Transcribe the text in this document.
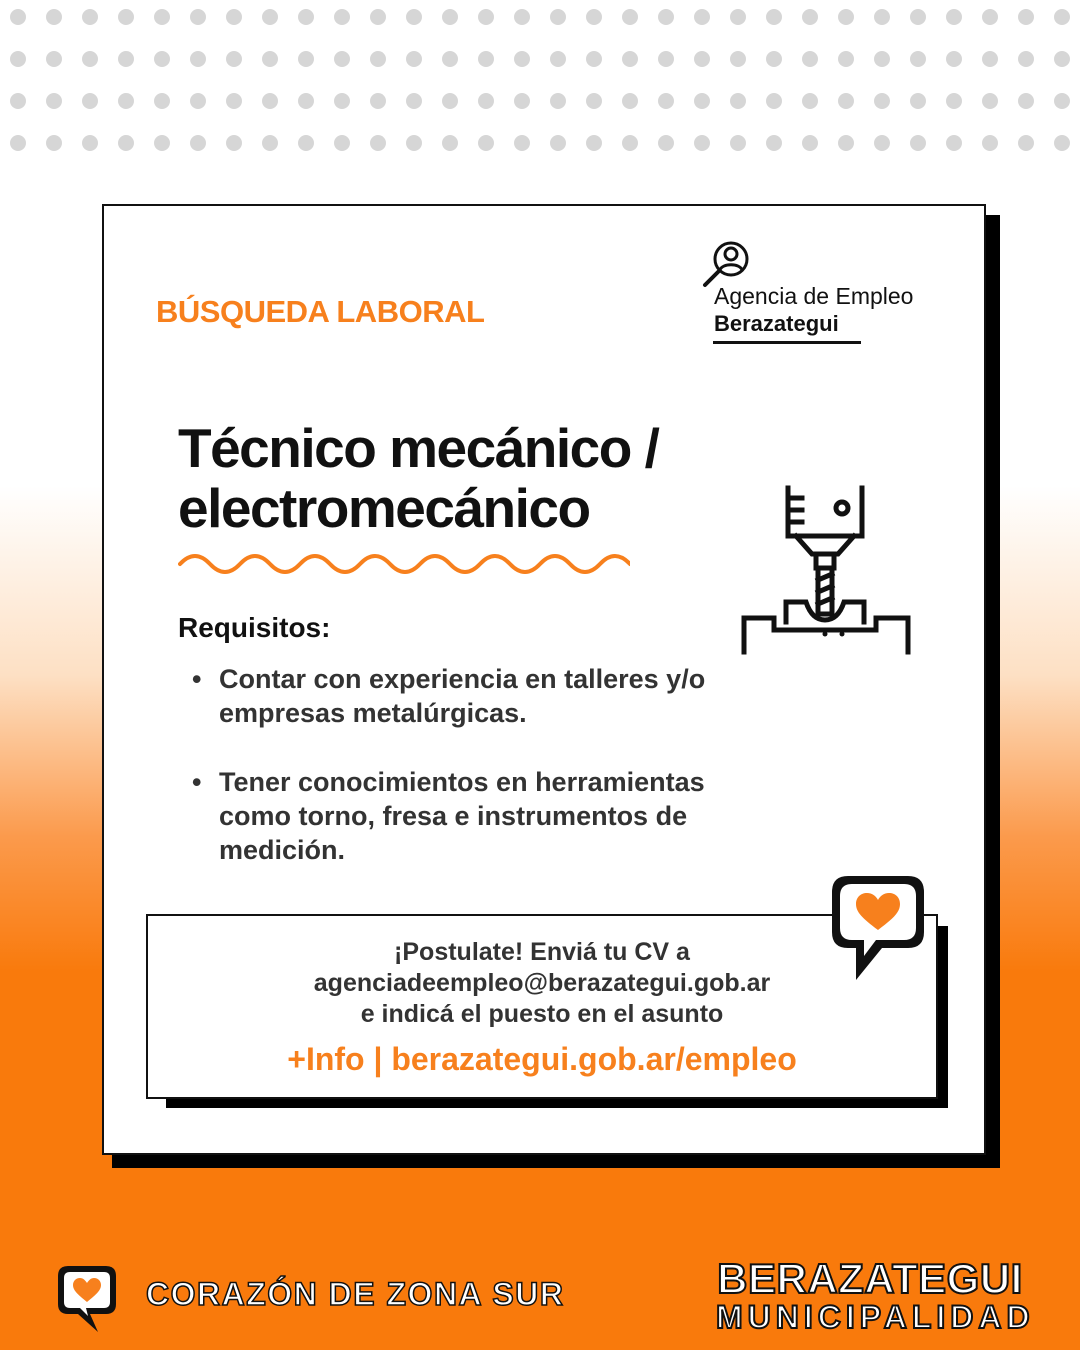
BÚSQUEDA LABORAL	Agencia de Empleo
Berazategui
Técnico mecánico /
electromecánico
Requisitos:
• Contar con experiencia en talleres y/o empresas metalúrgicas.
• Tener conocimientos en herramientas como torno, fresa e instrumentos de medición.
¡Postulate! Enviá tu CV a
agenciadeempleo@berazategui.gob.ar
e indicá el puesto en el asunto
+Info | berazategui.gob.ar/empleo
CORAZÓN DE ZONA SUR	BERAZATEGUI
MUNICIPALIDAD
